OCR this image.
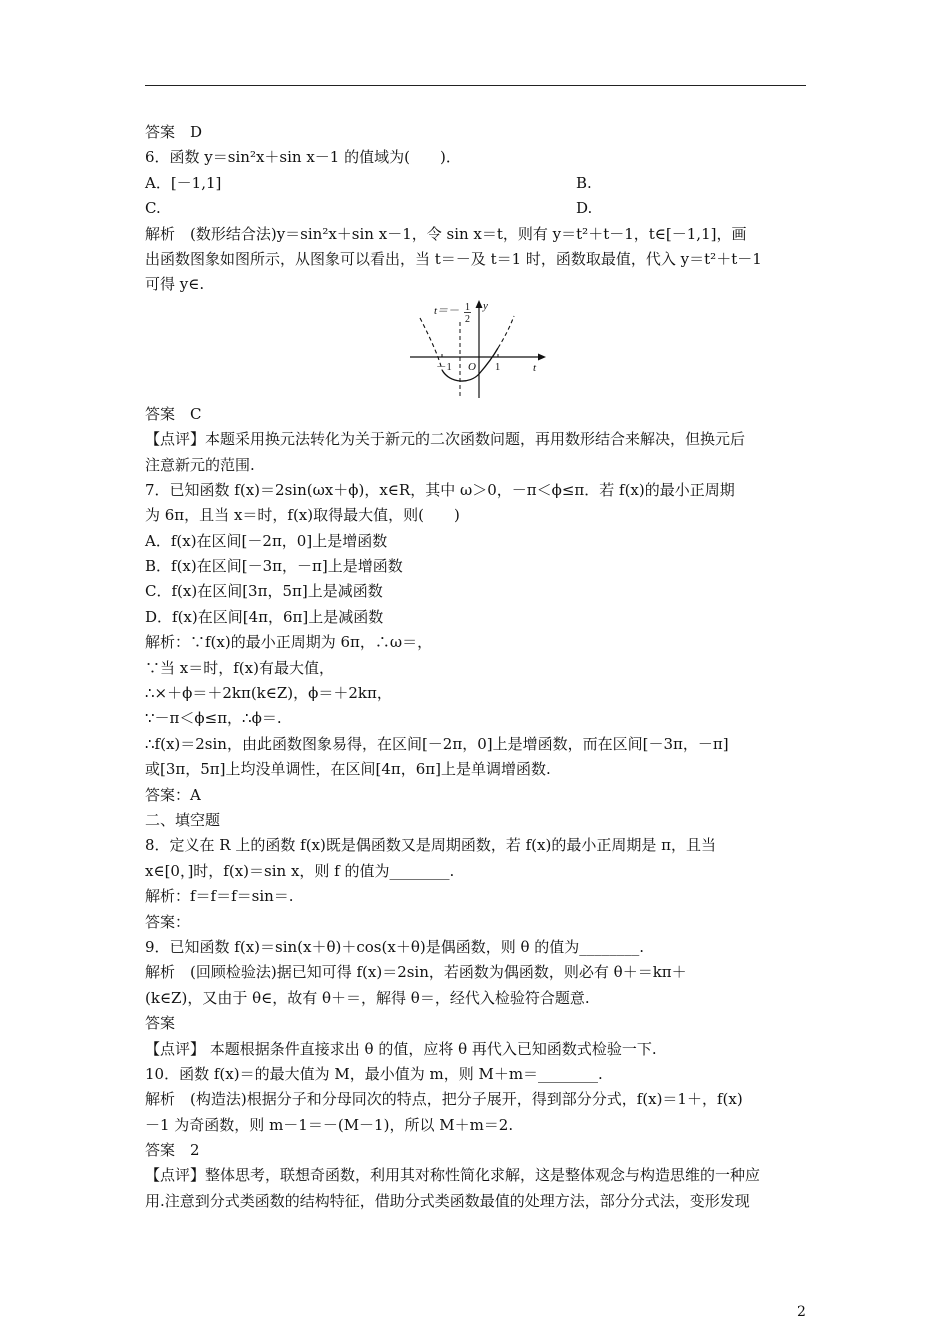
答案　D
6．函数 y＝sin²x＋sin x－1 的值域为(　　)．
A．[－1,1]	B.
C.	D.
解析　(数形结合法)y＝sin²x＋sin x－1，令 sin x＝t，则有 y＝t²＋t－1，t∈[－1,1]，画
出函数图象如图所示，从图象可以看出，当 t＝－及 t＝1 时，函数取最值，代入 y＝t²＋t－1
可得 y∈.
t＝－ 1
2
y
t
－1 O 1
答案　C
【点评】本题采用换元法转化为关于新元的二次函数问题，再用数形结合来解决，但换元后
注意新元的范围.
7．已知函数 f(x)＝2sin(ωx＋ϕ)，x∈R，其中 ω＞0，－π＜ϕ≤π．若 f(x)的最小正周期
为 6π，且当 x＝时，f(x)取得最大值，则(　　)
A．f(x)在区间[－2π，0]上是增函数
B．f(x)在区间[－3π，－π]上是增函数
C．f(x)在区间[3π，5π]上是减函数
D．f(x)在区间[4π，6π]上是减函数
解析：∵f(x)的最小正周期为 6π，∴ω＝，
∵当 x＝时，f(x)有最大值，
∴×＋ϕ＝＋2kπ(k∈Z)，ϕ＝＋2kπ，
∵－π＜ϕ≤π，∴ϕ＝.
∴f(x)＝2sin，由此函数图象易得，在区间[－2π，0]上是增函数，而在区间[－3π，－π]
或[3π，5π]上均没单调性，在区间[4π，6π]上是单调增函数.
答案：A
二、填空题
8．定义在 R 上的函数 f(x)既是偶函数又是周期函数，若 f(x)的最小正周期是 π，且当
x∈[0，]时，f(x)＝sin x，则 f 的值为________.
解析：f＝f＝f＝sin＝.
答案：
9．已知函数 f(x)＝sin(x＋θ)＋cos(x＋θ)是偶函数，则 θ 的值为________.
解析　(回顾检验法)据已知可得 f(x)＝2sin，若函数为偶函数，则必有 θ＋＝kπ＋
(k∈Z)，又由于 θ∈，故有 θ＋＝，解得 θ＝，经代入检验符合题意.
答案
【点评】 本题根据条件直接求出 θ 的值，应将 θ 再代入已知函数式检验一下.
10．函数 f(x)＝的最大值为 M，最小值为 m，则 M＋m＝________.
解析　(构造法)根据分子和分母同次的特点，把分子展开，得到部分分式，f(x)＝1＋，f(x)
－1 为奇函数，则 m－1＝－(M－1)，所以 M＋m＝2.
答案　2
【点评】整体思考，联想奇函数，利用其对称性简化求解，这是整体观念与构造思维的一种应
用.注意到分式类函数的结构特征，借助分式类函数最值的处理方法，部分分式法，变形发现
2
